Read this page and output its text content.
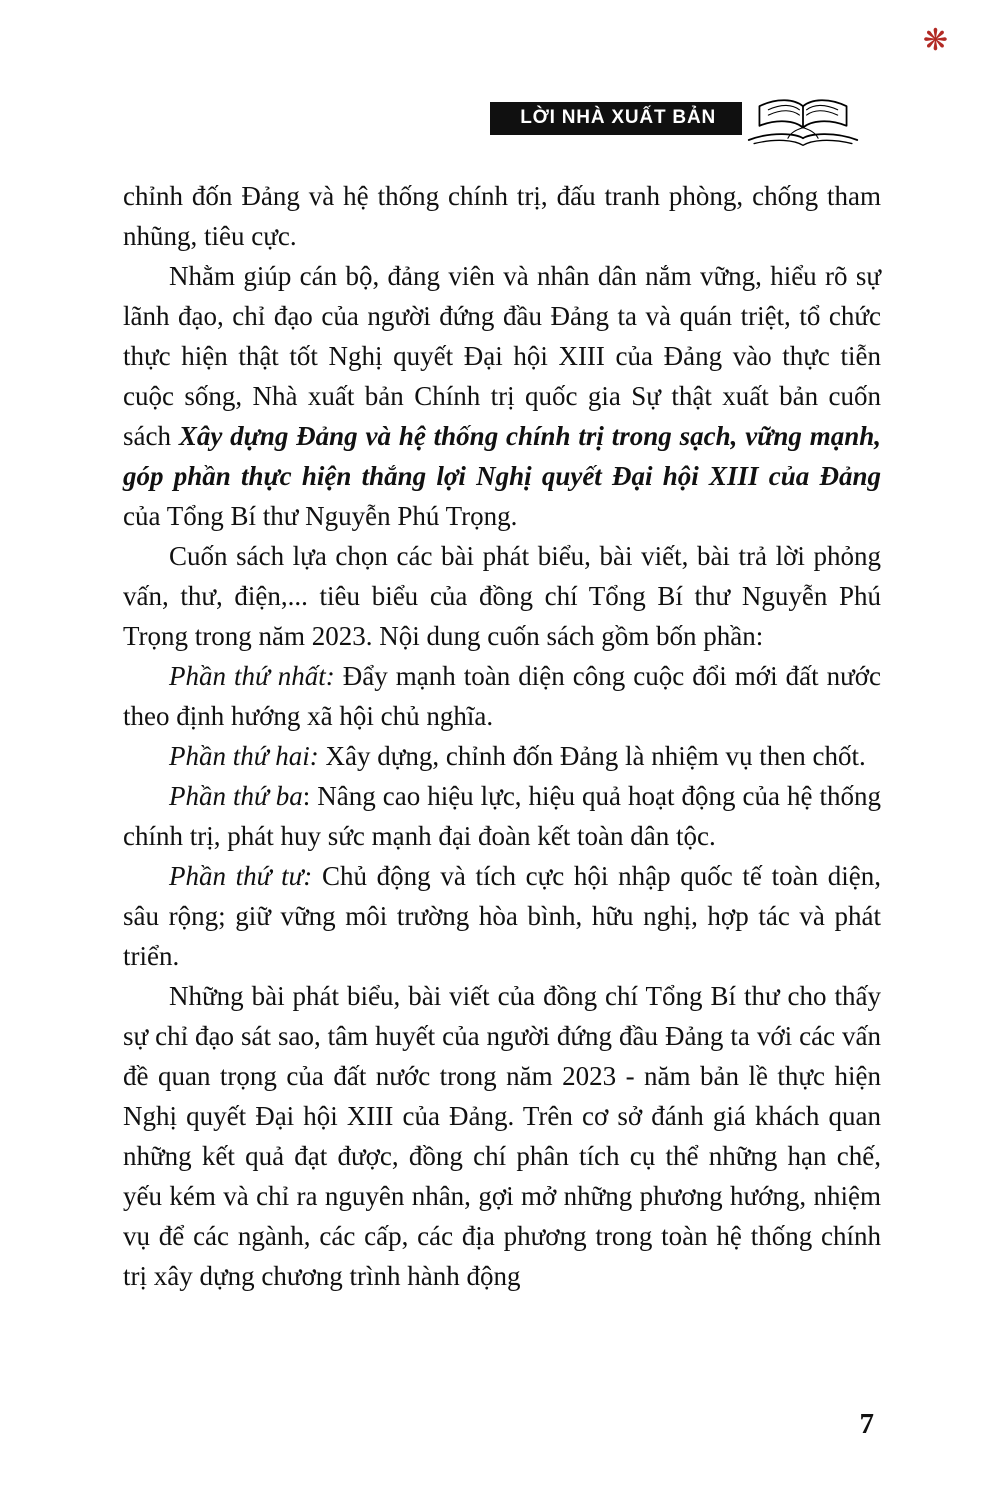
❋
LỜI NHÀ XUẤT BẢN

chỉnh đốn Đảng và hệ thống chính trị, đấu tranh phòng, chống tham nhũng, tiêu cực.

Nhằm giúp cán bộ, đảng viên và nhân dân nắm vững, hiểu rõ sự lãnh đạo, chỉ đạo của người đứng đầu Đảng ta và quán triệt, tổ chức thực hiện thật tốt Nghị quyết Đại hội XIII của Đảng vào thực tiễn cuộc sống, Nhà xuất bản Chính trị quốc gia Sự thật xuất bản cuốn sách Xây dựng Đảng và hệ thống chính trị trong sạch, vững mạnh, góp phần thực hiện thắng lợi Nghị quyết Đại hội XIII của Đảng của Tổng Bí thư Nguyễn Phú Trọng.

Cuốn sách lựa chọn các bài phát biểu, bài viết, bài trả lời phỏng vấn, thư, điện,... tiêu biểu của đồng chí Tổng Bí thư Nguyễn Phú Trọng trong năm 2023. Nội dung cuốn sách gồm bốn phần:

Phần thứ nhất: Đẩy mạnh toàn diện công cuộc đổi mới đất nước theo định hướng xã hội chủ nghĩa.

Phần thứ hai: Xây dựng, chỉnh đốn Đảng là nhiệm vụ then chốt.

Phần thứ ba: Nâng cao hiệu lực, hiệu quả hoạt động của hệ thống chính trị, phát huy sức mạnh đại đoàn kết toàn dân tộc.

Phần thứ tư: Chủ động và tích cực hội nhập quốc tế toàn diện, sâu rộng; giữ vững môi trường hòa bình, hữu nghị, hợp tác và phát triển.

Những bài phát biểu, bài viết của đồng chí Tổng Bí thư cho thấy sự chỉ đạo sát sao, tâm huyết của người đứng đầu Đảng ta với các vấn đề quan trọng của đất nước trong năm 2023 - năm bản lề thực hiện Nghị quyết Đại hội XIII của Đảng. Trên cơ sở đánh giá khách quan những kết quả đạt được, đồng chí phân tích cụ thể những hạn chế, yếu kém và chỉ ra nguyên nhân, gợi mở những phương hướng, nhiệm vụ để các ngành, các cấp, các địa phương trong toàn hệ thống chính trị xây dựng chương trình hành động

7
